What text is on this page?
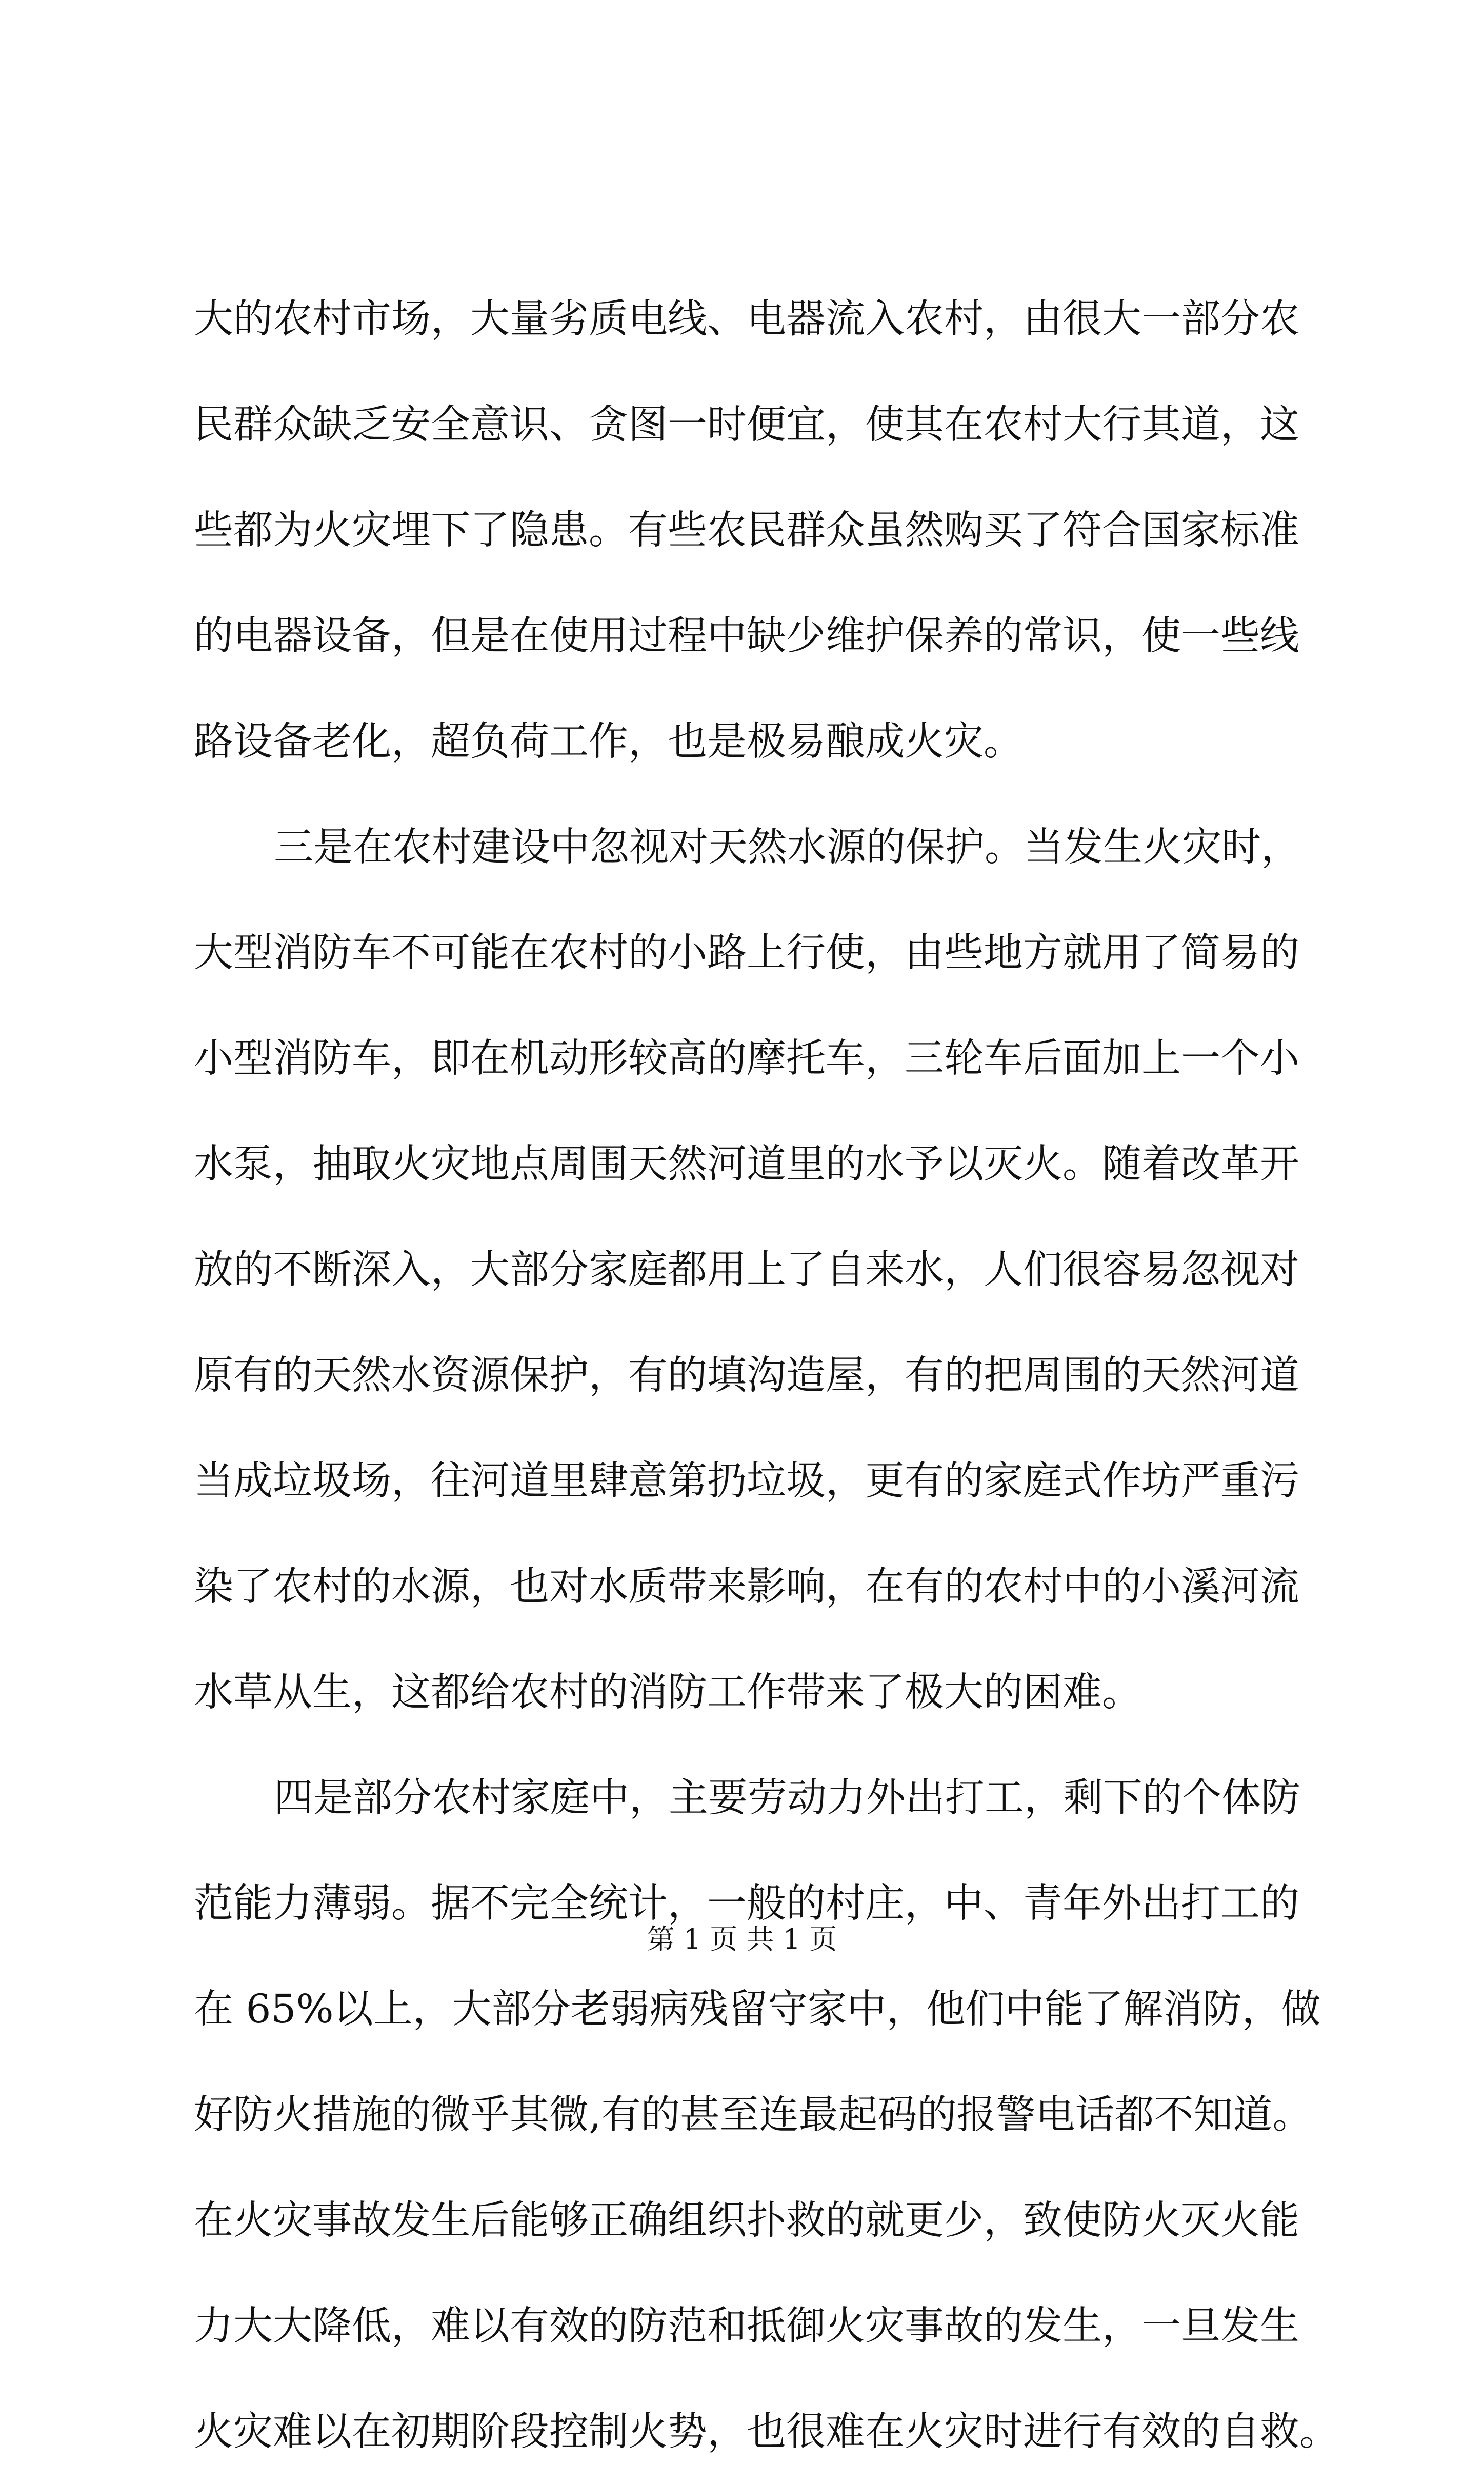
大的农村市场，大量劣质电线、电器流入农村，由很大一部分农
民群众缺乏安全意识、贪图一时便宜，使其在农村大行其道，这
些都为火灾埋下了隐患。有些农民群众虽然购买了符合国家标准
的电器设备，但是在使用过程中缺少维护保养的常识，使一些线
路设备老化，超负荷工作，也是极易酿成火灾。
三是在农村建设中忽视对天然水源的保护。当发生火灾时，
大型消防车不可能在农村的小路上行使，由些地方就用了简易的
小型消防车，即在机动形较高的摩托车，三轮车后面加上一个小
水泵，抽取火灾地点周围天然河道里的水予以灭火。随着改革开
放的不断深入，大部分家庭都用上了自来水，人们很容易忽视对
原有的天然水资源保护，有的填沟造屋，有的把周围的天然河道
当成垃圾场，往河道里肆意第扔垃圾，更有的家庭式作坊严重污
染了农村的水源，也对水质带来影响，在有的农村中的小溪河流
水草从生，这都给农村的消防工作带来了极大的困难。
四是部分农村家庭中，主要劳动力外出打工，剩下的个体防
范能力薄弱。据不完全统计，一般的村庄，中、青年外出打工的
在 65%以上，大部分老弱病残留守家中，他们中能了解消防，做
好防火措施的微乎其微,有的甚至连最起码的报警电话都不知道。
在火灾事故发生后能够正确组织扑救的就更少，致使防火灭火能
力大大降低，难以有效的防范和抵御火灾事故的发生，一旦发生
火灾难以在初期阶段控制火势，也很难在火灾时进行有效的自救。
第 1 页 共 1 页
